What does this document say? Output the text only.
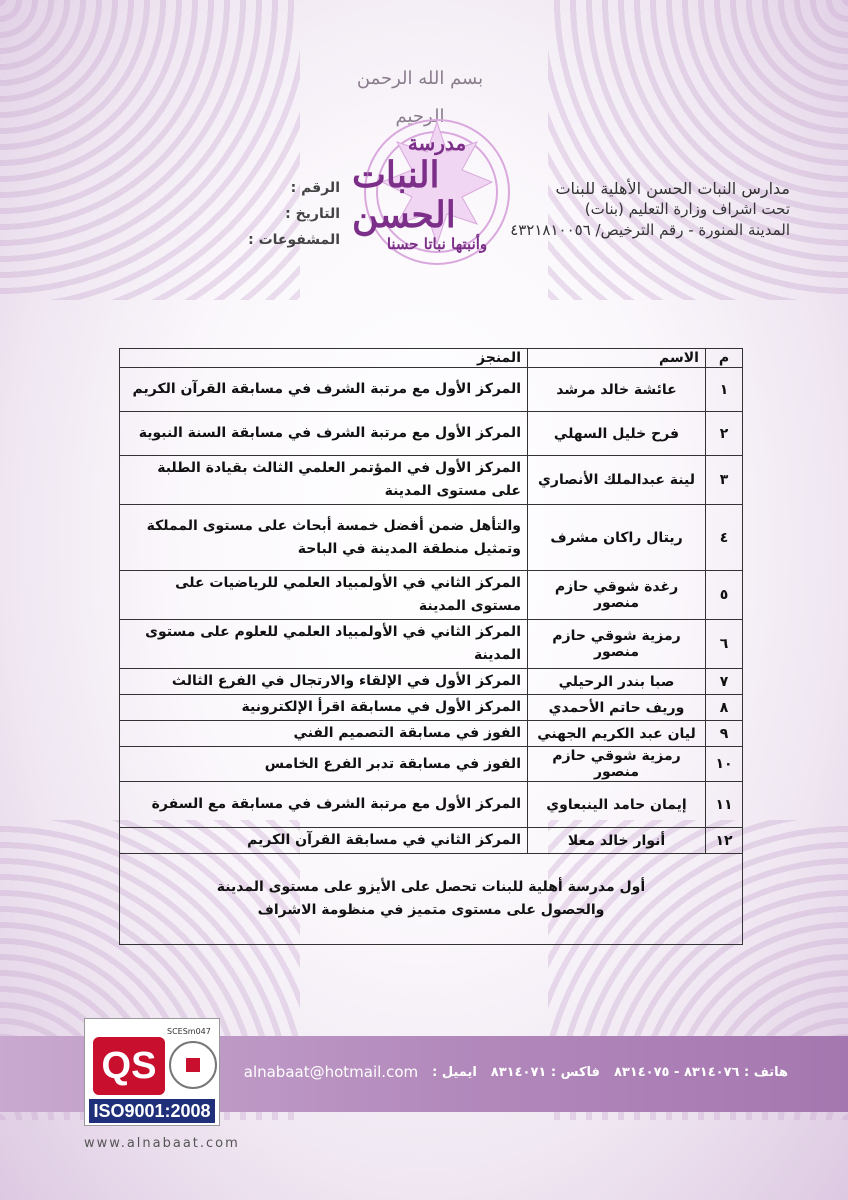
بسم الله الرحمن الرحيم
مدرسة
النبات الحسن
وأنبتها نباتا حسنا
مدارس النبات الحسن الأهلية للبنات
تحت اشراف وزارة التعليم (بنات)
المدينة المنورة - رقم الترخيص/ ٤٣٢١٨١٠٠٥٦
الرقم :
التاريخ :
المشفوعات :
م	الاسم	المنجز
١	عائشة خالد مرشد	المركز الأول مع مرتبة الشرف في مسابقة القرآن الكريم
٢	فرح خليل السهلي	المركز الأول مع مرتبة الشرف في مسابقة السنة النبوية
٣	لينة عبدالملك الأنصاري	المركز الأول في المؤتمر العلمي الثالث بقيادة الطلبة على مستوى المدينة
٤	ريتال راكان مشرف	والتأهل ضمن أفضل خمسة أبحاث على مستوى المملكة
وتمثيل منطقة المدينة في الباحة

٥	رغدة شوقي حازم منصور	المركز الثاني في الأولمبياد العلمي للرياضيات على مستوى المدينة
٦	رمزية شوقي حازم منصور	المركز الثاني في الأولمبياد العلمي للعلوم على مستوى المدينة
٧	صبا بندر الرحيلي	المركز الأول في الإلقاء والارتجال في الفرع الثالث
٨	وريف حاتم الأحمدي	المركز الأول في مسابقة اقرأ الإلكترونية
٩	ليان عبد الكريم الجهني	الفوز في مسابقة التصميم الفني
١٠	رمزية شوقي حازم منصور	الفوز في مسابقة تدبر الفرع الخامس
١١	إيمان حامد الينبعاوي	المركز الأول مع مرتبة الشرف في مسابقة مع السفرة
١٢	أنوار خالد معلا	المركز الثاني في مسابقة القرآن الكريم

أول مدرسة أهلية للبنات تحصل على الأيزو على مستوى المدينة
والحصول على مستوى متميز في منظومة الاشراف		
هاتف : ٨٣١٤٠٧٦ - ٨٣١٤٠٧٥
فاكس : ٨٣١٤٠٧١
ايميل :
alnabaat@hotmail.com
QS
SCESm047
ISO9001:2008
www.alnabaat.com
